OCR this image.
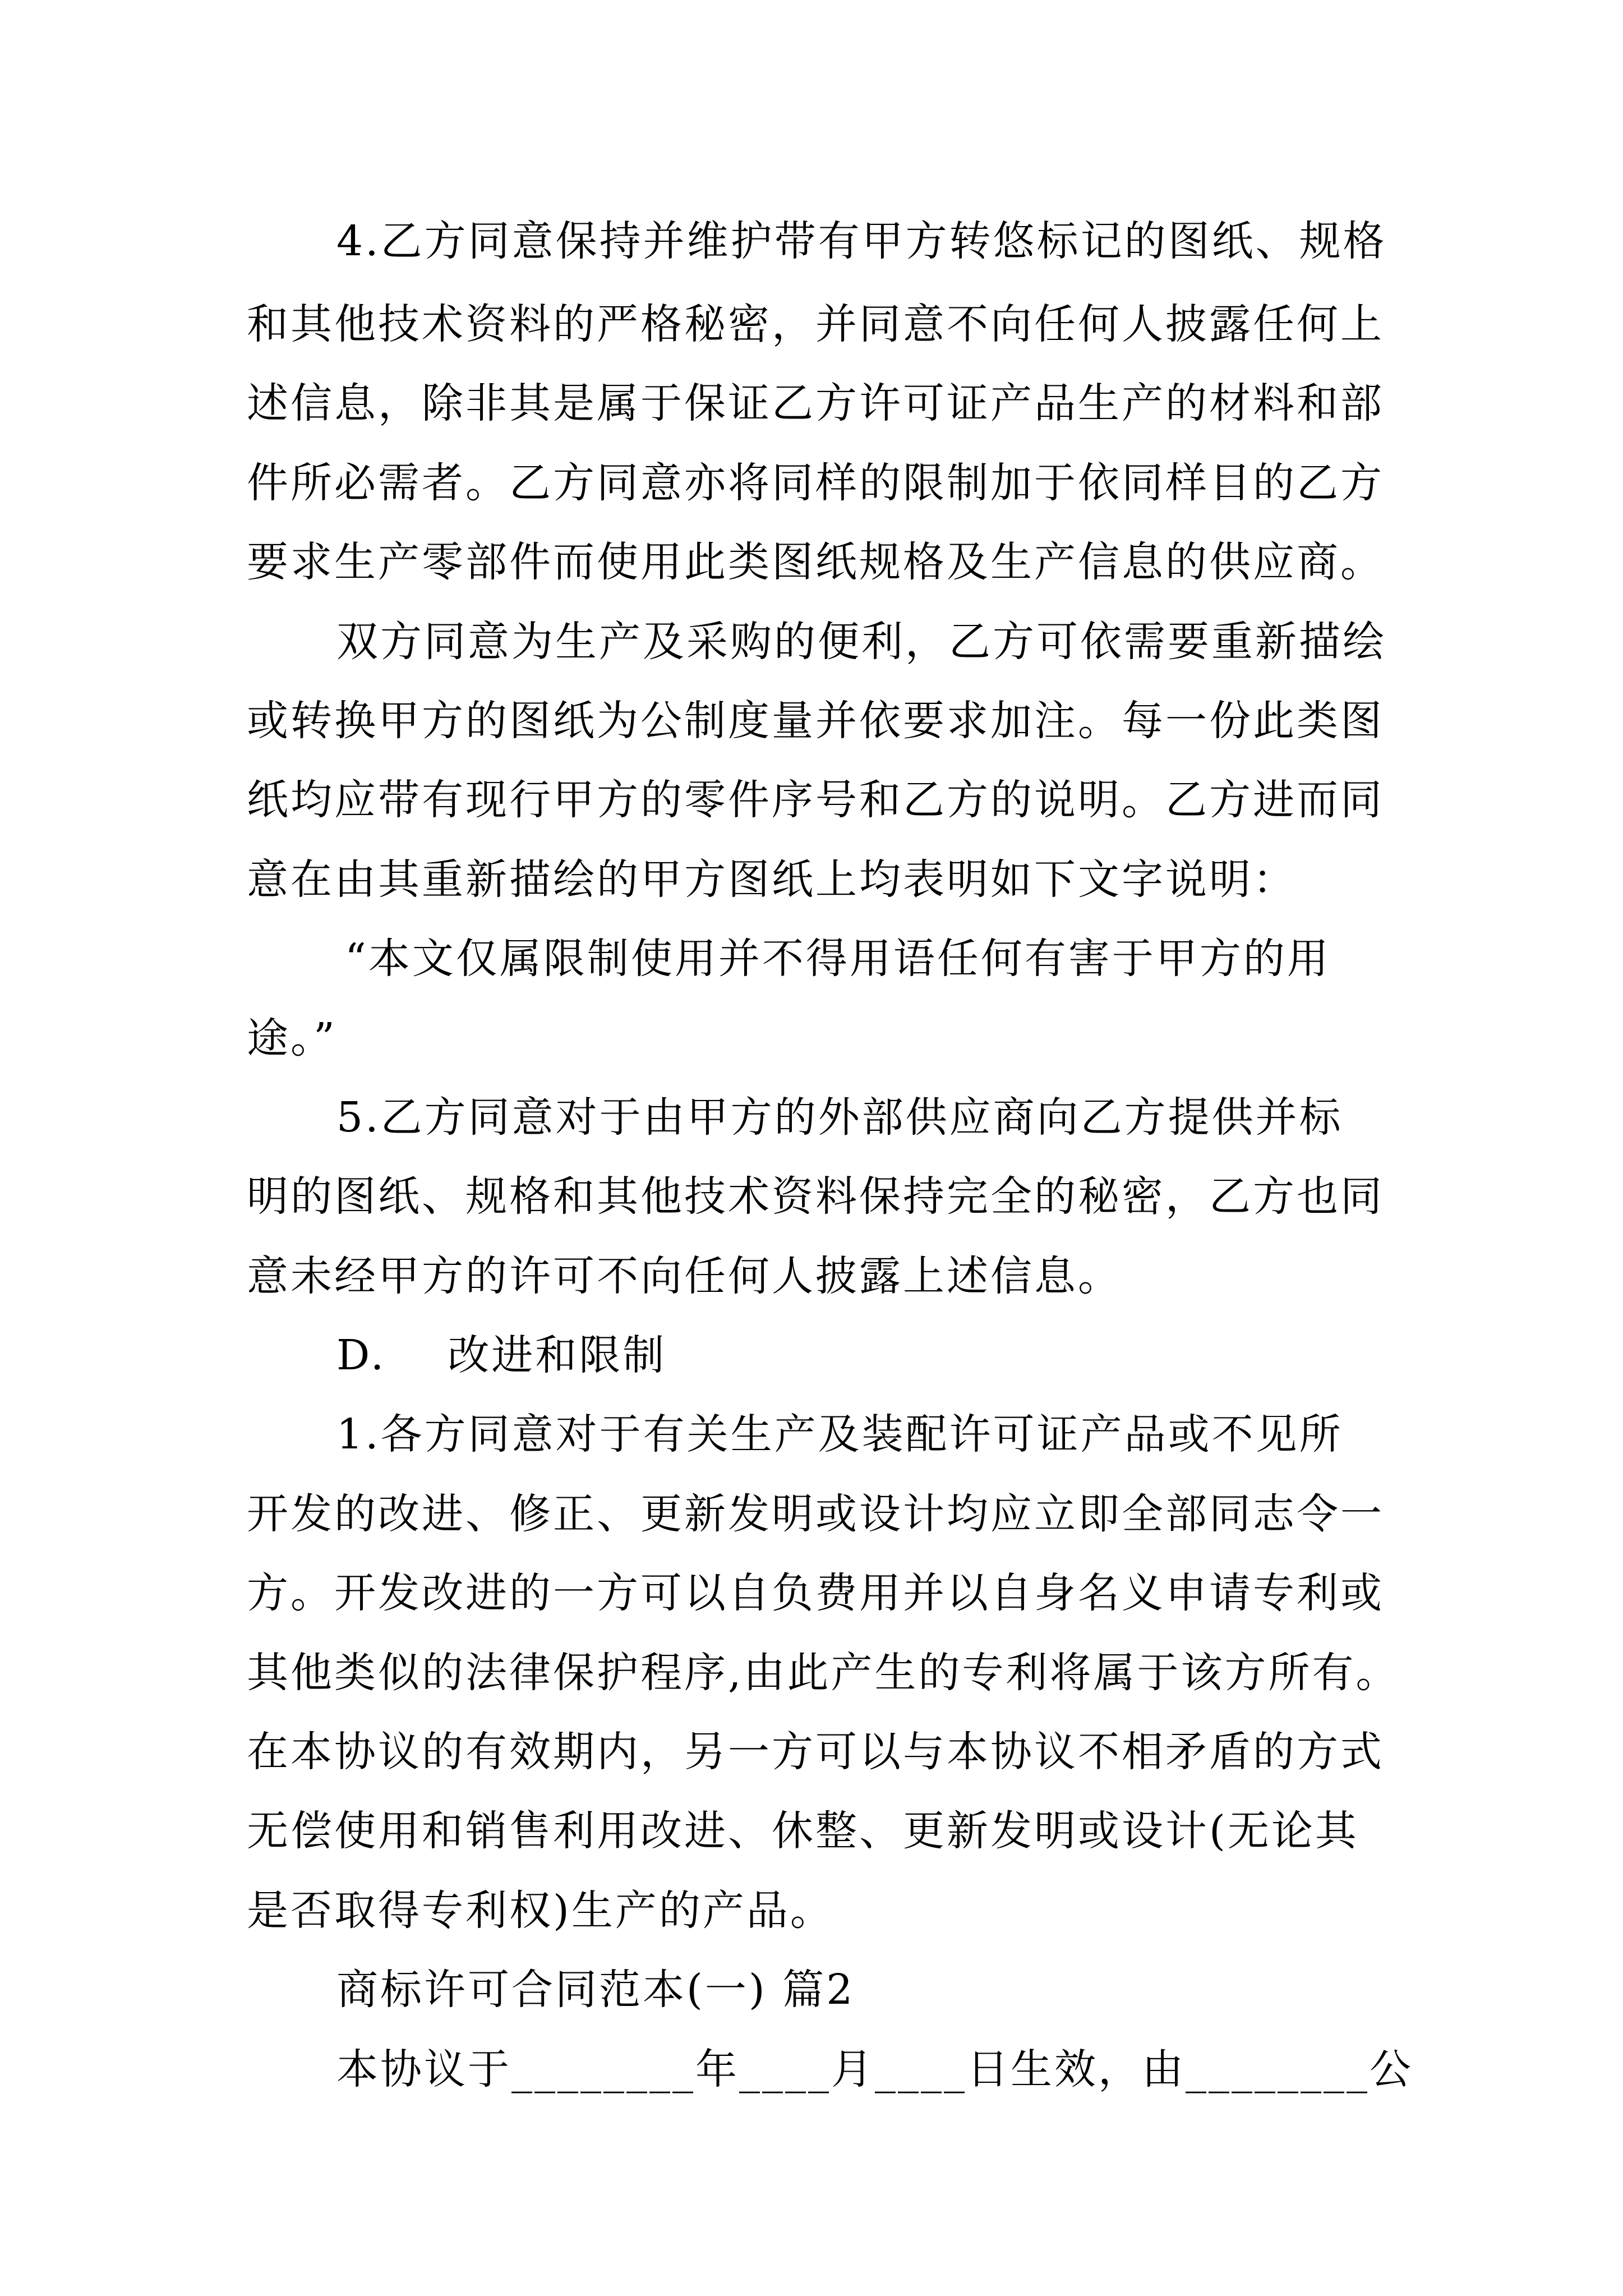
4.乙方同意保持并维护带有甲方转悠标记的图纸、规格
和其他技术资料的严格秘密，并同意不向任何人披露任何上
述信息，除非其是属于保证乙方许可证产品生产的材料和部
件所必需者。乙方同意亦将同样的限制加于依同样目的乙方
要求生产零部件而使用此类图纸规格及生产信息的供应商。
双方同意为生产及采购的便利，乙方可依需要重新描绘
或转换甲方的图纸为公制度量并依要求加注。每一份此类图
纸均应带有现行甲方的零件序号和乙方的说明。乙方进而同
意在由其重新描绘的甲方图纸上均表明如下文字说明：
“本文仅属限制使用并不得用语任何有害于甲方的用
途。”
5.乙方同意对于由甲方的外部供应商向乙方提供并标
明的图纸、规格和其他技术资料保持完全的秘密，乙方也同
意未经甲方的许可不向任何人披露上述信息。
D.    改进和限制
1.各方同意对于有关生产及装配许可证产品或不见所
开发的改进、修正、更新发明或设计均应立即全部同志令一
方。开发改进的一方可以自负费用并以自身名义申请专利或
其他类似的法律保护程序,由此产生的专利将属于该方所有。
在本协议的有效期内，另一方可以与本协议不相矛盾的方式
无偿使用和销售利用改进、休整、更新发明或设计(无论其
是否取得专利权)生产的产品。
商标许可合同范本(一) 篇2
本协议于________年____月____日生效，由________公
